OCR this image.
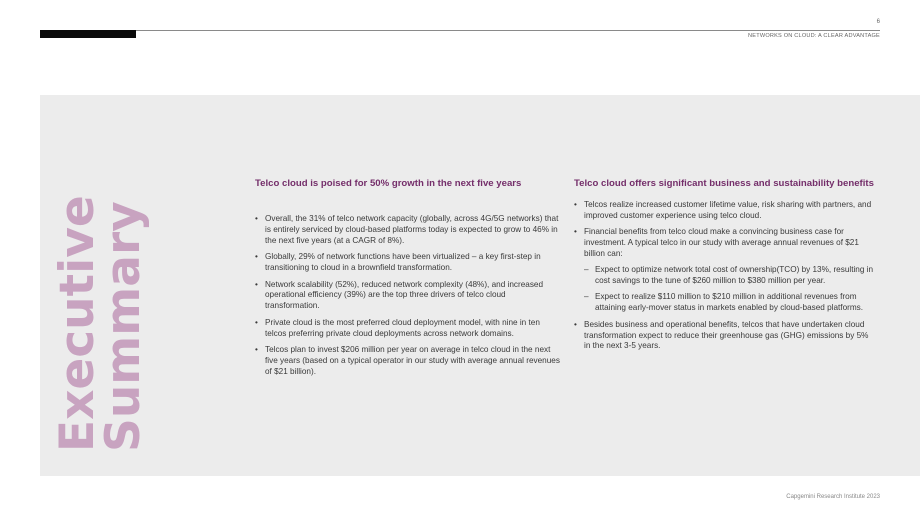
6
NETWORKS ON CLOUD: A CLEAR ADVANTAGE
Executive
Summary
Telco cloud is poised for 50% growth in the next five years
• Overall, the 31% of telco network capacity (globally, across 4G/5G networks) that is entirely serviced by cloud-based platforms today is expected to grow to 46% in the next five years (at a CAGR of 8%).
• Globally, 29% of network functions have been virtualized – a key first-step in transitioning to cloud in a brownfield transformation.
• Network scalability (52%), reduced network complexity (48%), and increased operational efficiency (39%) are the top three drivers of telco cloud transformation.
• Private cloud is the most preferred cloud deployment model, with nine in ten telcos preferring private cloud deployments across network domains.
• Telcos plan to invest $206 million per year on average in telco cloud in the next five years (based on a typical operator in our study with average annual revenues of $21 billion).
Telco cloud offers significant business and sustainability benefits
• Telcos realize increased customer lifetime value, risk sharing with partners, and improved customer experience using telco cloud.
• Financial benefits from telco cloud make a convincing business case for investment. A typical telco in our study with average annual revenues of $21 billion can:
– Expect to optimize network total cost of ownership(TCO) by 13%, resulting in cost savings to the tune of $260 million to $380 million per year.
– Expect to realize $110 million to $210 million in additional revenues from attaining early-mover status in markets enabled by cloud-based platforms.
• Besides business and operational benefits, telcos that have undertaken cloud transformation expect to reduce their greenhouse gas (GHG) emissions by 5% in the next 3-5 years.
Capgemini Research Institute 2023
